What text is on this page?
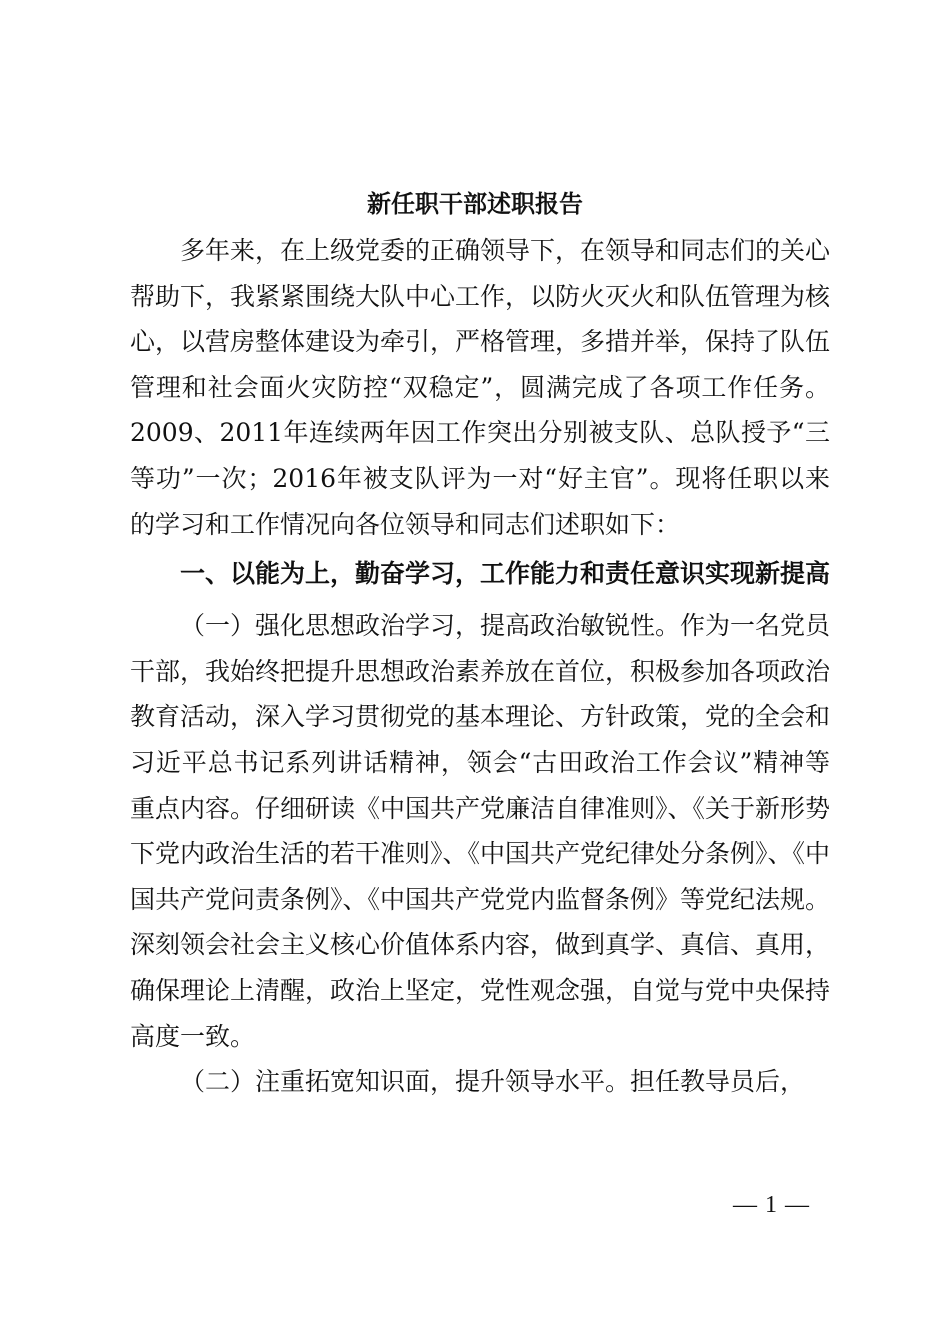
新任职干部述职报告

多年来，在上级党委的正确领导下，在领导和同志们的关心帮助下，我紧紧围绕大队中心工作，以防火灭火和队伍管理为核心，以营房整体建设为牵引，严格管理，多措并举，保持了队伍管理和社会面火灾防控“双稳定”，圆满完成了各项工作任务。2009、2011年连续两年因工作突出分别被支队、总队授予“三等功”一次；2016年被支队评为一对“好主官”。现将任职以来的学习和工作情况向各位领导和同志们述职如下：

一、以能为上，勤奋学习，工作能力和责任意识实现新提高

（一）强化思想政治学习，提高政治敏锐性。作为一名党员干部，我始终把提升思想政治素养放在首位，积极参加各项政治教育活动，深入学习贯彻党的基本理论、方针政策，党的全会和习近平总书记系列讲话精神，领会“古田政治工作会议”精神等重点内容。仔细研读《中国共产党廉洁自律准则》、《关于新形势下党内政治生活的若干准则》、《中国共产党纪律处分条例》、《中国共产党问责条例》、《中国共产党党内监督条例》等党纪法规。深刻领会社会主义核心价值体系内容，做到真学、真信、真用，确保理论上清醒，政治上坚定，党性观念强，自觉与党中央保持高度一致。

（二）注重拓宽知识面，提升领导水平。担任教导员后，

— 1 —
